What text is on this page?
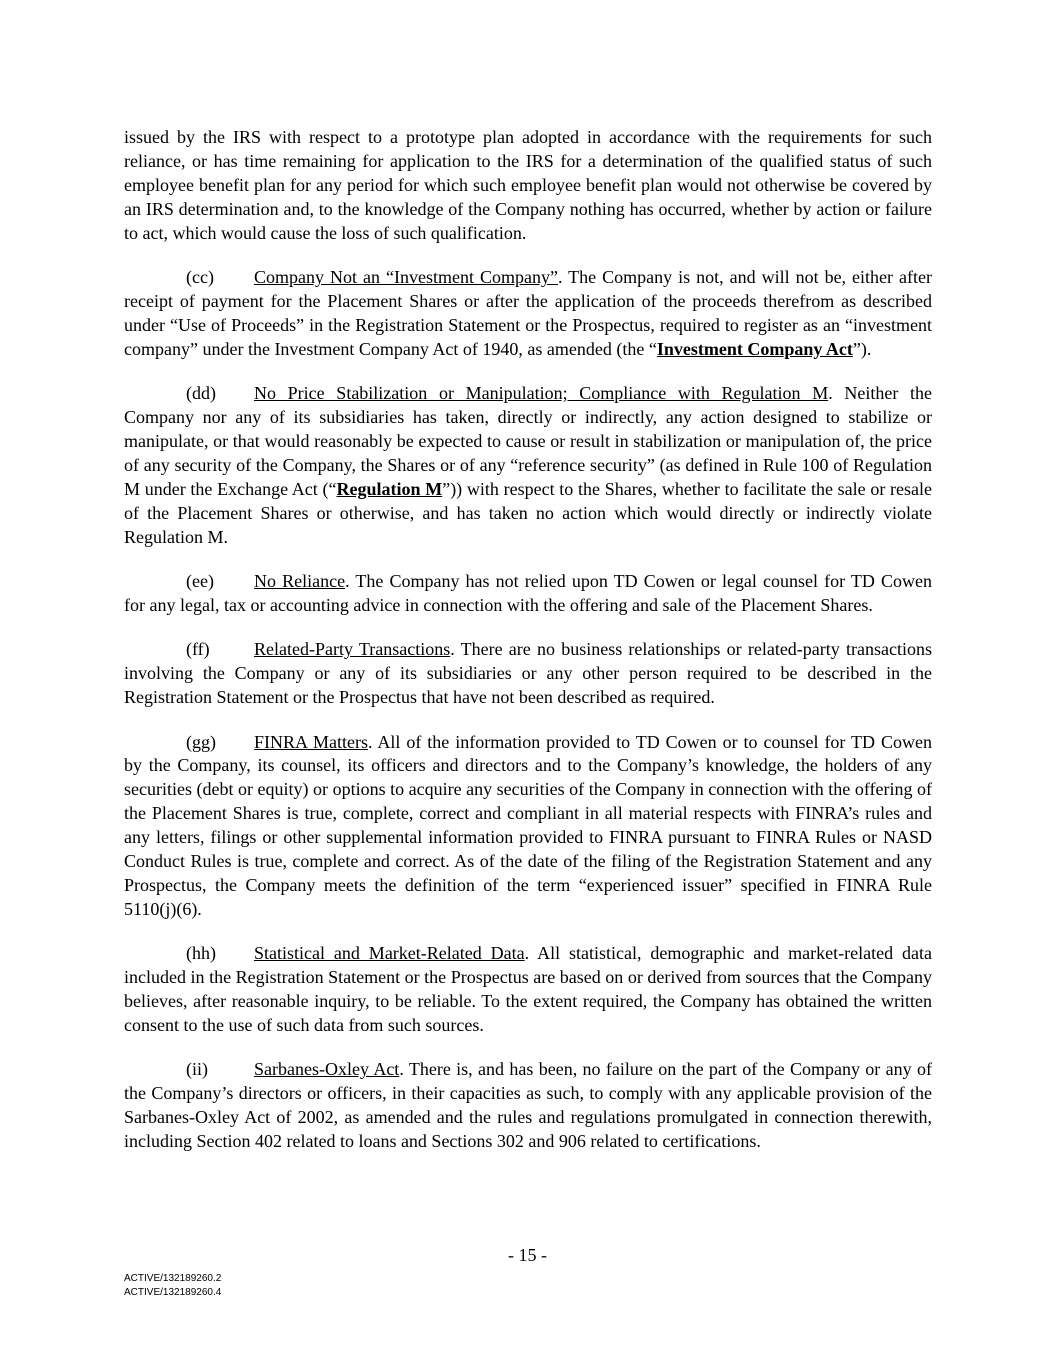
issued by the IRS with respect to a prototype plan adopted in accordance with the requirements for such reliance, or has time remaining for application to the IRS for a determination of the qualified status of such employee benefit plan for any period for which such employee benefit plan would not otherwise be covered by an IRS determination and, to the knowledge of the Company nothing has occurred, whether by action or failure to act, which would cause the loss of such qualification.

(cc) Company Not an “Investment Company”. The Company is not, and will not be, either after receipt of payment for the Placement Shares or after the application of the proceeds therefrom as described under “Use of Proceeds” in the Registration Statement or the Prospectus, required to register as an “investment company” under the Investment Company Act of 1940, as amended (the “Investment Company Act”).

(dd) No Price Stabilization or Manipulation; Compliance with Regulation M. Neither the Company nor any of its subsidiaries has taken, directly or indirectly, any action designed to stabilize or manipulate, or that would reasonably be expected to cause or result in stabilization or manipulation of, the price of any security of the Company, the Shares or of any “reference security” (as defined in Rule 100 of Regulation M under the Exchange Act (“Regulation M”)) with respect to the Shares, whether to facilitate the sale or resale of the Placement Shares or otherwise, and has taken no action which would directly or indirectly violate Regulation M.

(ee) No Reliance. The Company has not relied upon TD Cowen or legal counsel for TD Cowen for any legal, tax or accounting advice in connection with the offering and sale of the Placement Shares.

(ff) Related-Party Transactions. There are no business relationships or related-party transactions involving the Company or any of its subsidiaries or any other person required to be described in the Registration Statement or the Prospectus that have not been described as required.

(gg) FINRA Matters. All of the information provided to TD Cowen or to counsel for TD Cowen by the Company, its counsel, its officers and directors and to the Company’s knowledge, the holders of any securities (debt or equity) or options to acquire any securities of the Company in connection with the offering of the Placement Shares is true, complete, correct and compliant in all material respects with FINRA’s rules and any letters, filings or other supplemental information provided to FINRA pursuant to FINRA Rules or NASD Conduct Rules is true, complete and correct. As of the date of the filing of the Registration Statement and any Prospectus, the Company meets the definition of the term “experienced issuer” specified in FINRA Rule 5110(j)(6).

(hh) Statistical and Market-Related Data. All statistical, demographic and market-related data included in the Registration Statement or the Prospectus are based on or derived from sources that the Company believes, after reasonable inquiry, to be reliable. To the extent required, the Company has obtained the written consent to the use of such data from such sources.

(ii)	Sarbanes-Oxley Act. There is, and has been, no failure on the part of the Company or any of the Company’s directors or officers, in their capacities as such, to comply with any applicable provision of the Sarbanes-Oxley Act of 2002, as amended and the rules and regulations promulgated in connection therewith, including Section 402 related to loans and Sections 302 and 906 related to certifications.

- 15 -
ACTIVE/132189260.2
ACTIVE/132189260.4
